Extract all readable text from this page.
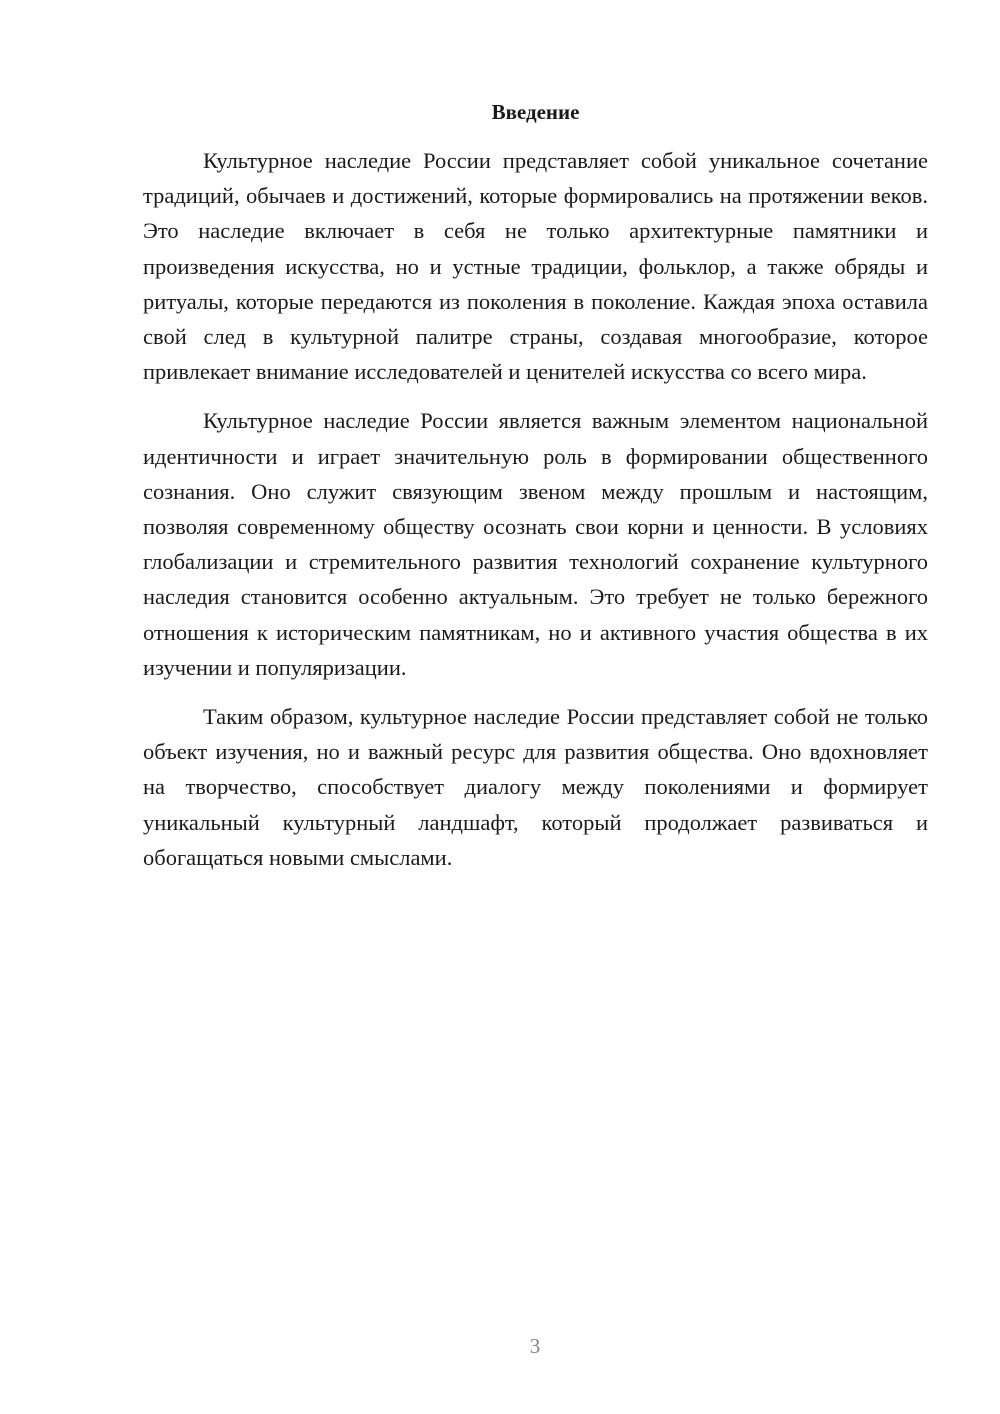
Введение

Культурное наследие России представляет собой уникальное сочетание традиций, обычаев и достижений, которые формировались на протяжении веков. Это наследие включает в себя не только архитектурные памятники и произведения искусства, но и устные традиции, фольклор, а также обряды и ритуалы, которые передаются из поколения в поколение. Каждая эпоха оставила свой след в культурной палитре страны, создавая многообразие, которое привлекает внимание исследователей и ценителей искусства со всего мира.

Культурное наследие России является важным элементом национальной идентичности и играет значительную роль в формировании общественного сознания. Оно служит связующим звеном между прошлым и настоящим, позволяя современному обществу осознать свои корни и ценности. В условиях глобализации и стремительного развития технологий сохранение культурного наследия становится особенно актуальным. Это требует не только бережного отношения к историческим памятникам, но и активного участия общества в их изучении и популяризации.

Таким образом, культурное наследие России представляет собой не только объект изучения, но и важный ресурс для развития общества. Оно вдохновляет на творчество, способствует диалогу между поколениями и формирует уникальный культурный ландшафт, который продолжает развиваться и обогащаться новыми смыслами.

3
